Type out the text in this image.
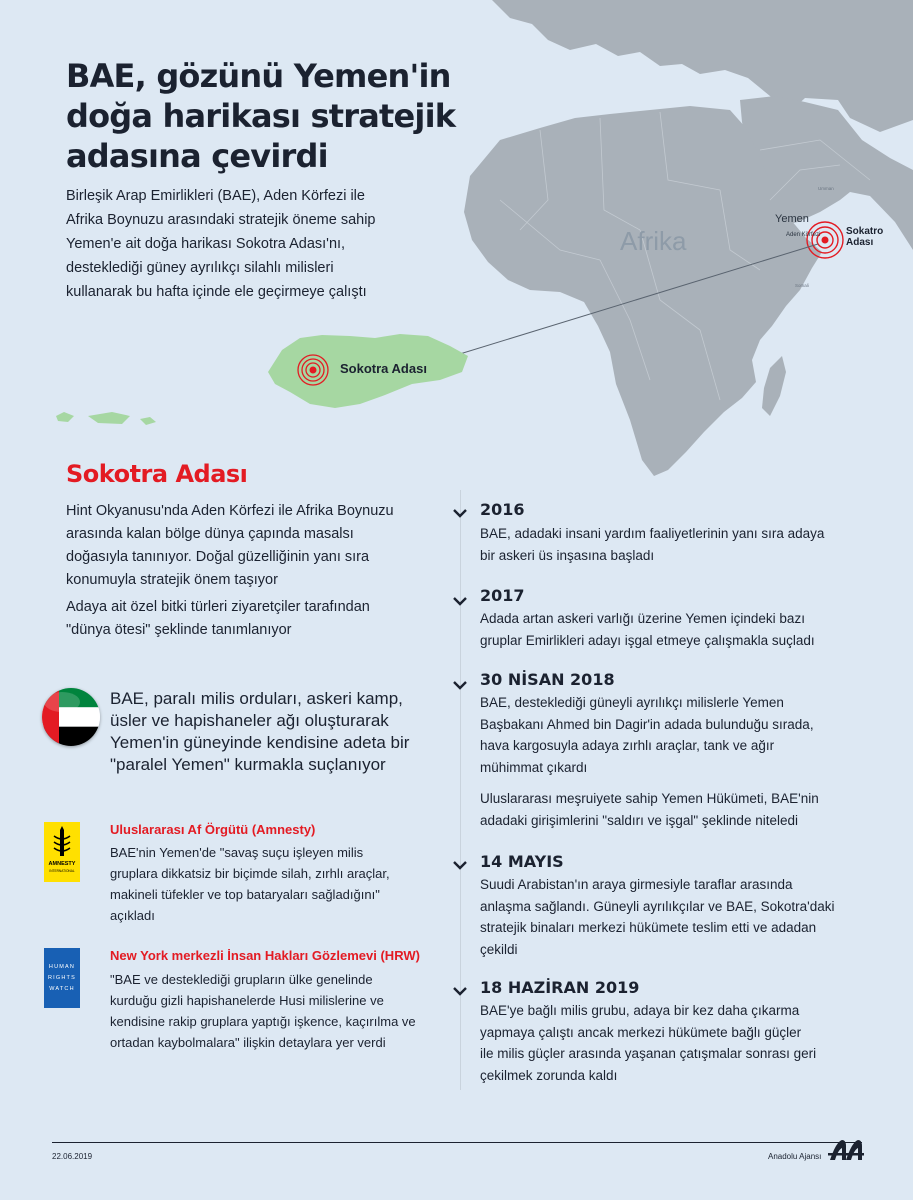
Afrika
Yemen
Aden Körfezi	Sokatro
Adası
Umman
Somali
Sokotra Adası
BAE, gözünü Yemen'in
doğa harikası stratejik
adasına çevirdi
Birleşik Arap Emirlikleri (BAE), Aden Körfezi ile
Afrika Boynuzu arasındaki stratejik öneme sahip
Yemen'e ait doğa harikası Sokotra Adası'nı,
desteklediği güney ayrılıkçı silahlı milisleri
kullanarak bu hafta içinde ele geçirmeye çalıştı
Sokotra Adası
Hint Okyanusu'nda Aden Körfezi ile Afrika Boynuzu
arasında kalan bölge dünya çapında masalsı
doğasıyla tanınıyor. Doğal güzelliğinin yanı sıra
konumuyla stratejik önem taşıyor
Adaya ait özel bitki türleri ziyaretçiler tarafından
"dünya ötesi" şeklinde tanımlanıyor
BAE, paralı milis orduları, askeri kamp,
üsler ve hapishaneler ağı oluşturarak
Yemen'in güneyinde kendisine adeta bir
"paralel Yemen" kurmakla suçlanıyor
AMNESTY
INTERNATIONAL
Uluslararası Af Örgütü (Amnesty)
BAE'nin Yemen'de "savaş suçu işleyen milis
gruplara dikkatsiz bir biçimde silah, zırhlı araçlar,
makineli tüfekler ve top bataryaları sağladığını"
açıkladı
HUMAN
RIGHTS
WATCH
New York merkezli İnsan Hakları Gözlemevi (HRW)
"BAE ve desteklediği grupların ülke genelinde
kurduğu gizli hapishanelerde Husi milislerine ve
kendisine rakip gruplara yaptığı işkence, kaçırılma ve
ortadan kaybolmalara" ilişkin detaylara yer verdi
2016
BAE, adadaki insani yardım faaliyetlerinin yanı sıra adaya
bir askeri üs inşasına başladı
2017
Adada artan askeri varlığı üzerine Yemen içindeki bazı
gruplar Emirlikleri adayı işgal etmeye çalışmakla suçladı
30 NİSAN 2018
BAE, desteklediği güneyli ayrılıkçı milislerle Yemen
Başbakanı Ahmed bin Dagir'in adada bulunduğu sırada,
hava kargosuyla adaya zırhlı araçlar, tank ve ağır
mühimmat çıkardı
Uluslararası meşruiyete sahip Yemen Hükümeti, BAE'nin
adadaki girişimlerini "saldırı ve işgal" şeklinde niteledi
14 MAYIS
Suudi Arabistan'ın araya girmesiyle taraflar arasında
anlaşma sağlandı. Güneyli ayrılıkçılar ve BAE, Sokotra'daki
stratejik binaları merkezi hükümete teslim etti ve adadan
çekildi
18 HAZİRAN 2019
BAE'ye bağlı milis grubu, adaya bir kez daha çıkarma
yapmaya çalıştı ancak merkezi hükümete bağlı güçler
ile milis güçler arasında yaşanan çatışmalar sonrası geri
çekilmek zorunda kaldı
22.06.2019	Anadolu Ajansı
